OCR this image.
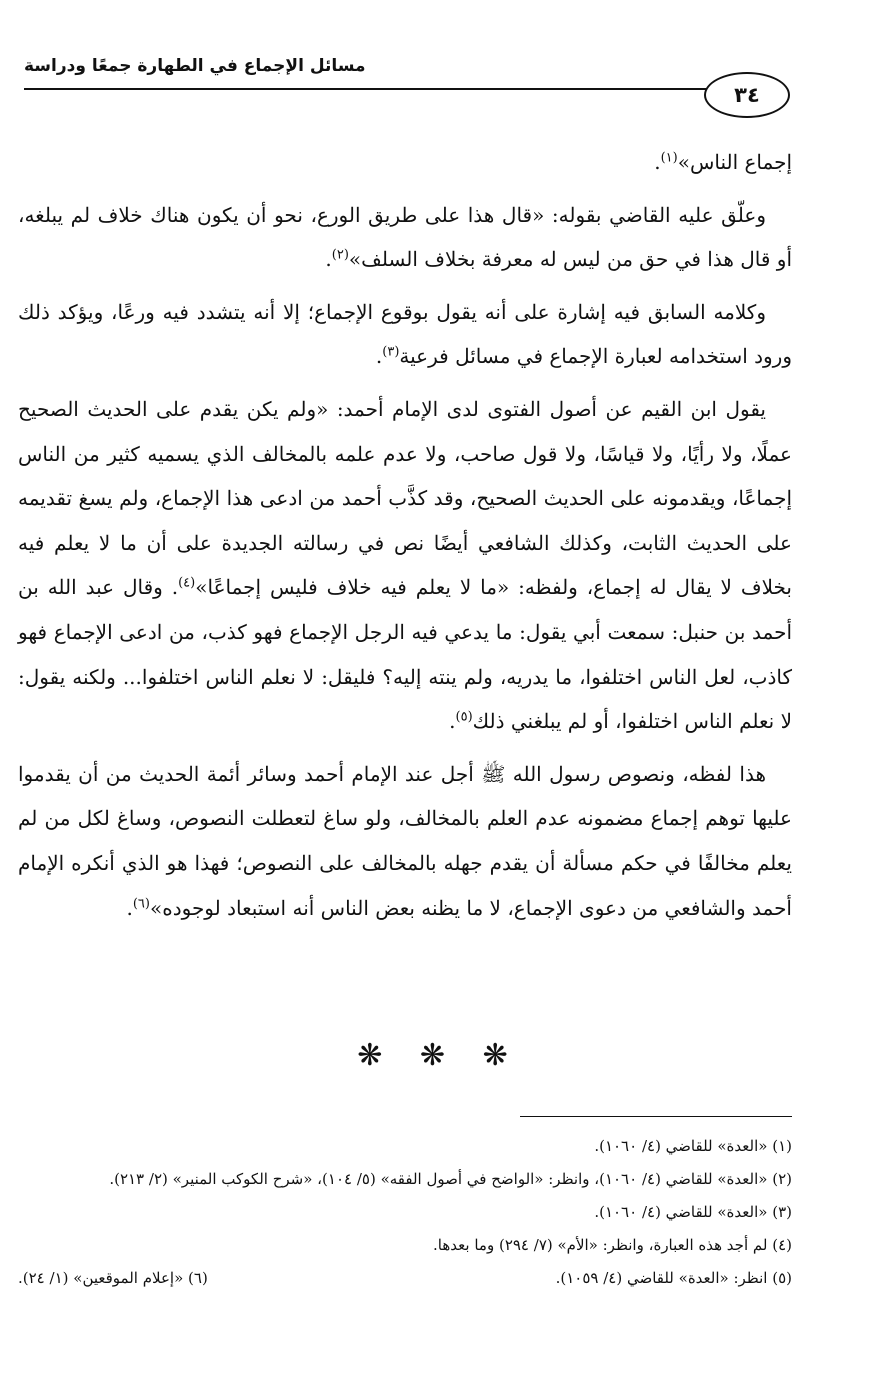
مسائل الإجماع في الطهارة جمعًا ودراسة
٣٤

إجماع الناس»$^{(١)}$.

وعلّق عليه القاضي بقوله: «قال هذا على طريق الورع، نحو أن يكون هناك خلاف لم يبلغه، أو قال هذا في حق من ليس له معرفة بخلاف السلف»$^{(٢)}$.

وكلامه السابق فيه إشارة على أنه يقول بوقوع الإجماع؛ إلا أنه يتشدد فيه ورعًا، ويؤكد ذلك ورود استخدامه لعبارة الإجماع في مسائل فرعية$^{(٣)}$.

يقول ابن القيم عن أصول الفتوى لدى الإمام أحمد: «ولم يكن يقدم على الحديث الصحيح عملًا، ولا رأيًا، ولا قياسًا، ولا قول صاحب، ولا عدم علمه بالمخالف الذي يسميه كثير من الناس إجماعًا، ويقدمونه على الحديث الصحيح، وقد كذَّب أحمد من ادعى هذا الإجماع، ولم يسغ تقديمه على الحديث الثابت، وكذلك الشافعي أيضًا نص في رسالته الجديدة على أن ما لا يعلم فيه بخلاف لا يقال له إجماع، ولفظه: «ما لا يعلم فيه خلاف فليس إجماعًا»$^{(٤)}$. وقال عبد الله بن أحمد بن حنبل: سمعت أبي يقول: ما يدعي فيه الرجل الإجماع فهو كذب، من ادعى الإجماع فهو كاذب، لعل الناس اختلفوا، ما يدريه، ولم ينته إليه؟ فليقل: لا نعلم الناس اختلفوا... ولكنه يقول: لا نعلم الناس اختلفوا، أو لم يبلغني ذلك$^{(٥)}$.

هذا لفظه، ونصوص رسول الله ﷺ أجل عند الإمام أحمد وسائر أئمة الحديث من أن يقدموا عليها توهم إجماع مضمونه عدم العلم بالمخالف، ولو ساغ لتعطلت النصوص، وساغ لكل من لم يعلم مخالفًا في حكم مسألة أن يقدم جهله بالمخالف على النصوص؛ فهذا هو الذي أنكره الإمام أحمد والشافعي من دعوى الإجماع، لا ما يظنه بعض الناس أنه استبعاد لوجوده»$^{(٦)}$.

❋ ❋ ❋

(١) «العدة» للقاضي (٤/ ١٠٦٠).

(٢) «العدة» للقاضي (٤/ ١٠٦٠)، وانظر: «الواضح في أصول الفقه» (٥/ ١٠٤)، «شرح الكوكب المنير» (٢/ ٢١٣).

(٣) «العدة» للقاضي (٤/ ١٠٦٠).

(٤) لم أجد هذه العبارة، وانظر: «الأم» (٧/ ٢٩٤) وما بعدها.

(٥) انظر: «العدة» للقاضي (٤/ ١٠٥٩).

(٦) «إعلام الموقعين» (١/ ٢٤).
